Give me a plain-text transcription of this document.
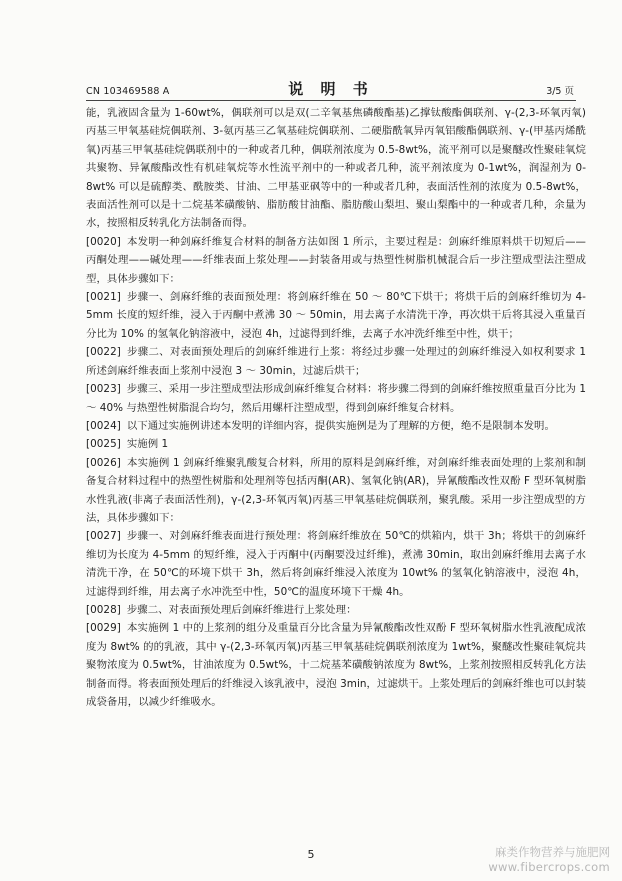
CN 103469588 A	说 明 书	3/5 页

能，乳液固含量为 1-60wt%，偶联剂可以是双(二辛氧基焦磷酸酯基)乙撑钛酸酯偶联剂、γ-(2,3-环氧丙氧)丙基三甲氧基硅烷偶联剂、3-氨丙基三乙氧基硅烷偶联剂、二硬脂酰氧异丙氧铝酸酯偶联剂、γ-(甲基丙烯酰氧)丙基三甲氧基硅烷偶联剂中的一种或者几种，偶联剂浓度为 0.5-8wt%，流平剂可以是聚醚改性聚硅氧烷共聚物、异氰酸酯改性有机硅氧烷等水性流平剂中的一种或者几种，流平剂浓度为 0-1wt%，润湿剂为 0-8wt% 可以是硫醇类、酰胺类、甘油、二甲基亚砜等中的一种或者几种，表面活性剂的浓度为 0.5-8wt%，表面活性剂可以是十二烷基苯磺酸钠、脂肪酸甘油酯、脂肪酸山梨坦、聚山梨酯中的一种或者几种，余量为水，按照相反转乳化方法制备而得。

[0020] 本发明一种剑麻纤维复合材料的制备方法如图 1 所示，主要过程是：剑麻纤维原料烘干切短后——丙酮处理——碱处理——纤维表面上浆处理——封装备用或与热塑性树脂机械混合后一步注塑成型法注塑成型，具体步骤如下：

[0021] 步骤一、剑麻纤维的表面预处理：将剑麻纤维在 50 ～ 80℃下烘干；将烘干后的剑麻纤维切为 4-5mm 长度的短纤维，浸入于丙酮中煮沸 30 ～ 50min，用去离子水清洗干净，再次烘干后将其浸入重量百分比为 10% 的氢氧化钠溶液中，浸泡 4h，过滤得到纤维，去离子水冲洗纤维至中性，烘干；

[0022] 步骤二、对表面预处理后的剑麻纤维进行上浆：将经过步骤一处理过的剑麻纤维浸入如权利要求 1 所述剑麻纤维表面上浆剂中浸泡 3 ～ 30min，过滤后烘干；

[0023] 步骤三、采用一步注塑成型法形成剑麻纤维复合材料：将步骤二得到的剑麻纤维按照重量百分比为 1 ～ 40% 与热塑性树脂混合均匀，然后用螺杆注塑成型，得到剑麻纤维复合材料。

[0024] 以下通过实施例讲述本发明的详细内容，提供实施例是为了理解的方便，绝不是限制本发明。

[0025] 实施例 1

[0026] 本实施例 1 剑麻纤维聚乳酸复合材料，所用的原料是剑麻纤维，对剑麻纤维表面处理的上浆剂和制备复合材料过程中的热塑性树脂和处理剂等包括丙酮(AR)、氢氧化钠(AR)，异氰酸酯改性双酚 F 型环氧树脂水性乳液(非离子表面活性剂)，γ-(2,3-环氧丙氧)丙基三甲氧基硅烷偶联剂，聚乳酸。采用一步注塑成型的方法，具体步骤如下：

[0027] 步骤一、对剑麻纤维表面进行预处理：将剑麻纤维放在 50℃的烘箱内，烘干 3h；将烘干的剑麻纤维切为长度为 4-5mm 的短纤维，浸入于丙酮中(丙酮要没过纤维)，煮沸 30min，取出剑麻纤维用去离子水清洗干净，在 50℃的环境下烘干 3h，然后将剑麻纤维浸入浓度为 10wt% 的氢氧化钠溶液中，浸泡 4h，过滤得到纤维，用去离子水冲洗至中性，50℃的温度环境下干燥 4h。

[0028] 步骤二、对表面预处理后剑麻纤维进行上浆处理：

[0029] 本实施例 1 中的上浆剂的组分及重量百分比含量为异氰酸酯改性双酚 F 型环氧树脂水性乳液配成浓度为 8wt% 的的乳液，其中 γ-(2,3-环氧丙氧)丙基三甲氧基硅烷偶联剂浓度为 1wt%，聚醚改性聚硅氧烷共聚物浓度为 0.5wt%，甘油浓度为 0.5wt%，十二烷基苯磺酸钠浓度为 8wt%，上浆剂按照相反转乳化方法制备而得。将表面预处理后的纤维浸入该乳液中，浸泡 3min，过滤烘干。上浆处理后的剑麻纤维也可以封装成袋备用，以减少纤维吸水。

5	麻类作物营养与施肥网
www.fibercrops.com
